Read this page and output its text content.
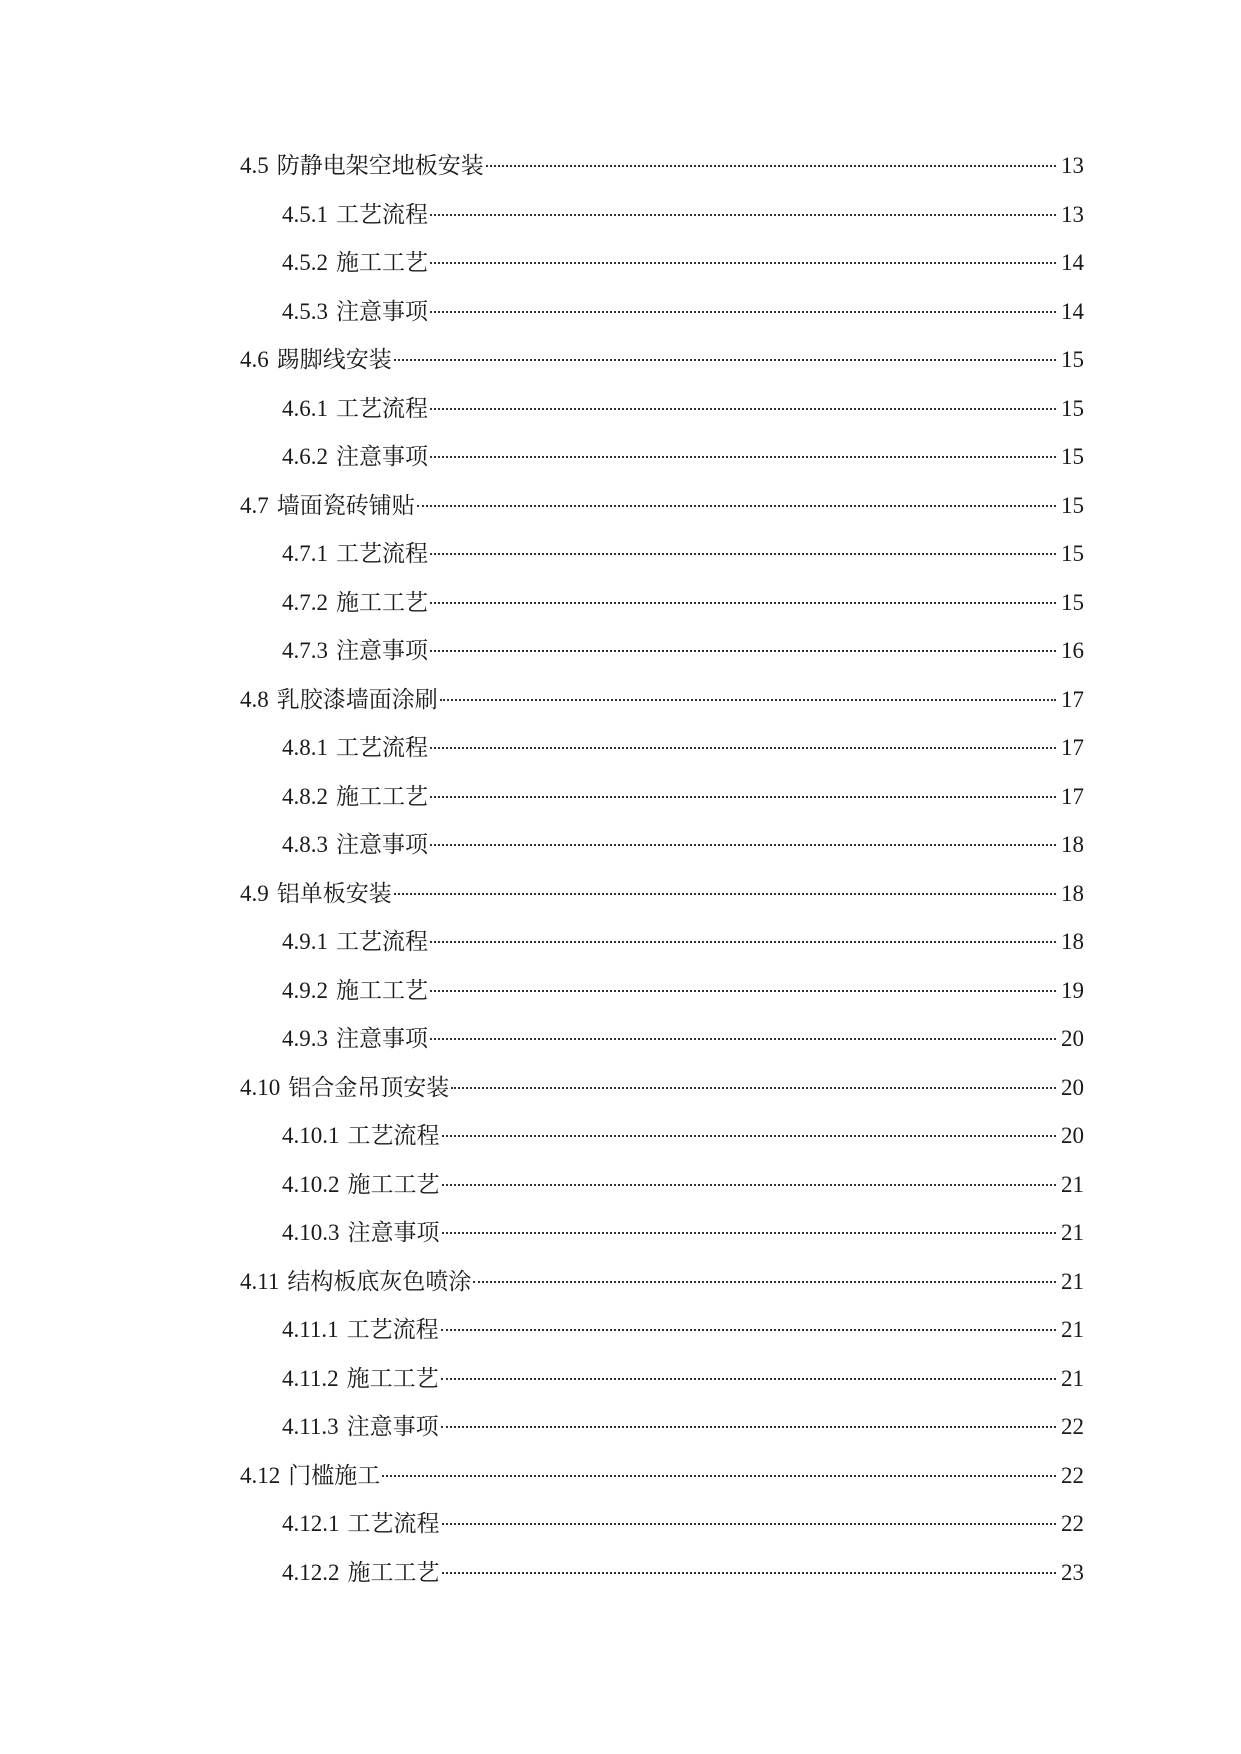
4.5 防静电架空地板安装	13
4.5.1 工艺流程	13
4.5.2 施工工艺	14
4.5.3 注意事项	14
4.6 踢脚线安装	15
4.6.1 工艺流程	15
4.6.2 注意事项	15
4.7 墙面瓷砖铺贴	15
4.7.1 工艺流程	15
4.7.2 施工工艺	15
4.7.3 注意事项	16
4.8 乳胶漆墙面涂刷	17
4.8.1 工艺流程	17
4.8.2 施工工艺	17
4.8.3 注意事项	18
4.9 铝单板安装	18
4.9.1 工艺流程	18
4.9.2 施工工艺	19
4.9.3 注意事项	20
4.10 铝合金吊顶安装	20
4.10.1 工艺流程	20
4.10.2 施工工艺	21
4.10.3 注意事项	21
4.11 结构板底灰色喷涂	21
4.11.1 工艺流程	21
4.11.2 施工工艺	21
4.11.3 注意事项	22
4.12 门槛施工	22
4.12.1 工艺流程	22
4.12.2 施工工艺	23
